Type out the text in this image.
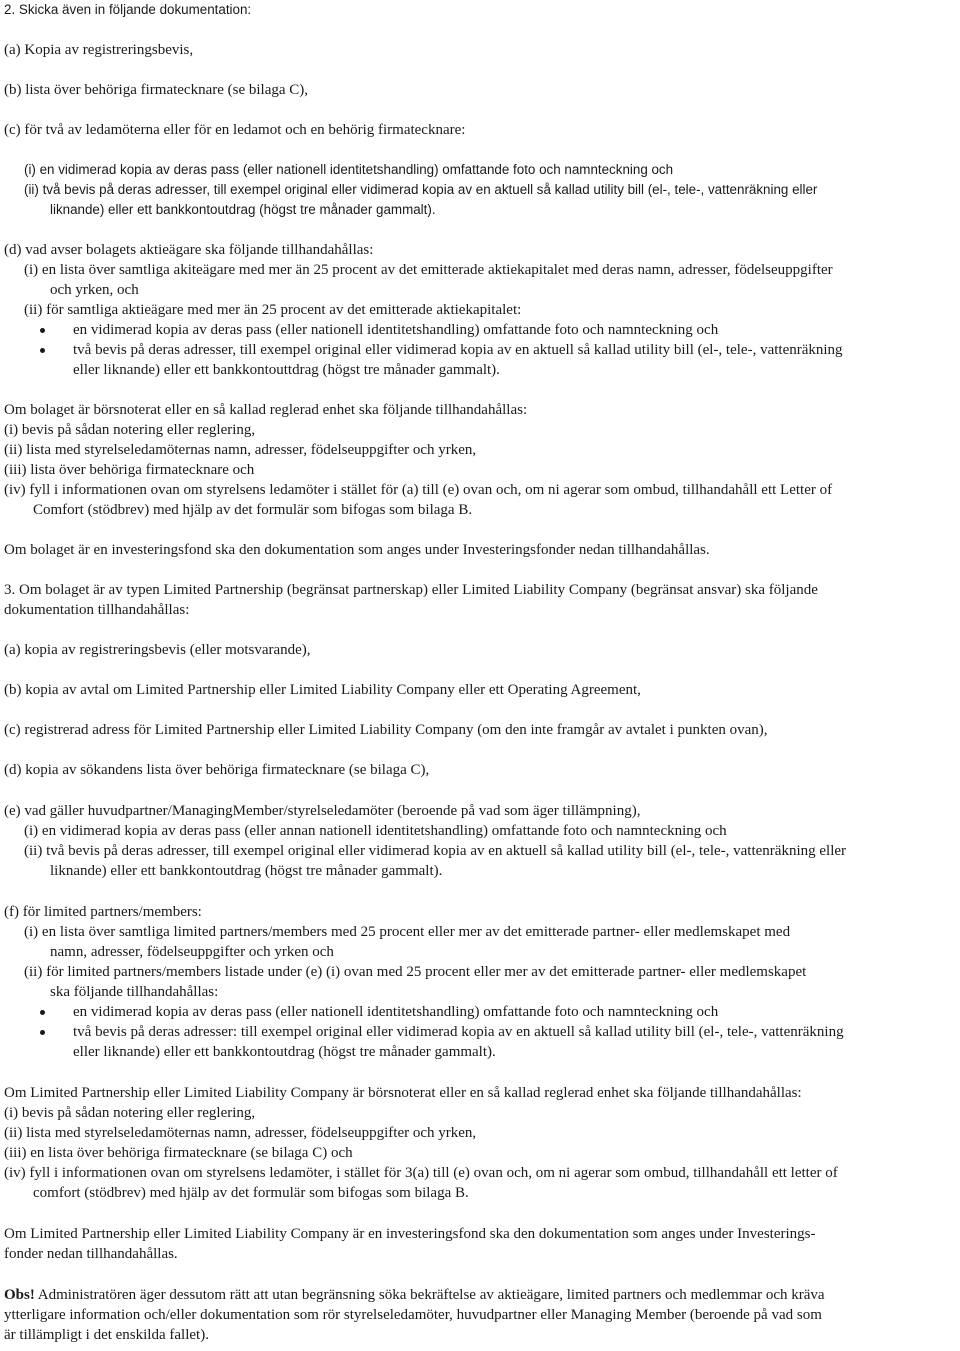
2. Skicka även in följande dokumentation:
(a) Kopia av registreringsbevis,
(b) lista över behöriga firmatecknare (se bilaga C),
(c) för två av ledamöterna eller för en ledamot och en behörig firmatecknare:
(i) en vidimerad kopia av deras pass (eller nationell identitetshandling) omfattande foto och namnteckning och
(ii) två bevis på deras adresser, till exempel original eller vidimerad kopia av en aktuell så kallad utility bill (el-, tele-, vattenräkning eller
liknande) eller ett bankkontoutdrag (högst tre månader gammalt).
(d) vad avser bolagets aktieägare ska följande tillhandahållas:
(i) en lista över samtliga akiteägare med mer än 25 procent av det emitterade aktiekapitalet med deras namn, adresser, födelseuppgifter
och yrken, och
(ii) för samtliga aktieägare med mer än 25 procent av det emitterade aktiekapitalet:
en vidimerad kopia av deras pass (eller nationell identitetshandling) omfattande foto och namnteckning och
två bevis på deras adresser, till exempel original eller vidimerad kopia av en aktuell så kallad utility bill (el-, tele-, vattenräkning
eller liknande) eller ett bankkontouttdrag (högst tre månader gammalt).
Om bolaget är börsnoterat eller en så kallad reglerad enhet ska följande tillhandahållas:
(i) bevis på sådan notering eller reglering,
(ii) lista med styrelseledamöternas namn, adresser, födelseuppgifter och yrken,
(iii) lista över behöriga firmatecknare och
(iv) fyll i informationen ovan om styrelsens ledamöter i stället för (a) till (e) ovan och, om ni agerar som ombud, tillhandahåll ett Letter of
Comfort (stödbrev) med hjälp av det formulär som bifogas som bilaga B.
Om bolaget är en investeringsfond ska den dokumentation som anges under Investeringsfonder nedan tillhandahållas.
3. Om bolaget är av typen Limited Partnership (begränsat partnerskap) eller Limited Liability Company (begränsat ansvar) ska följande
dokumentation tillhandahållas:
(a) kopia av registreringsbevis (eller motsvarande),
(b) kopia av avtal om Limited Partnership eller Limited Liability Company eller ett Operating Agreement,
(c) registrerad adress för Limited Partnership eller Limited Liability Company (om den inte framgår av avtalet i punkten ovan),
(d) kopia av sökandens lista över behöriga firmatecknare (se bilaga C),
(e) vad gäller huvudpartner/ManagingMember/styrelseledamöter (beroende på vad som äger tillämpning),
(i) en vidimerad kopia av deras pass (eller annan nationell identitetshandling) omfattande foto och namnteckning och
(ii) två bevis på deras adresser, till exempel original eller vidimerad kopia av en aktuell så kallad utility bill (el-, tele-, vattenräkning eller
liknande) eller ett bankkontoutdrag (högst tre månader gammalt).
(f) för limited partners/members:
(i) en lista över samtliga limited partners/members med 25 procent eller mer av det emitterade partner- eller medlemskapet med
namn, adresser, födelseuppgifter och yrken och
(ii) för limited partners/members listade under (e) (i) ovan med 25 procent eller mer av det emitterade partner- eller medlemskapet
ska följande tillhandahållas:
en vidimerad kopia av deras pass (eller nationell identitetshandling) omfattande foto och namnteckning och
två bevis på deras adresser: till exempel original eller vidimerad kopia av en aktuell så kallad utility bill (el-, tele-, vattenräkning
eller liknande) eller ett bankkontoutdrag (högst tre månader gammalt).
Om Limited Partnership eller Limited Liability Company är börsnoterat eller en så kallad reglerad enhet ska följande tillhandahållas:
(i) bevis på sådan notering eller reglering,
(ii) lista med styrelseledamöternas namn, adresser, födelseuppgifter och yrken,
(iii) en lista över behöriga firmatecknare (se bilaga C) och
(iv) fyll i informationen ovan om styrelsens ledamöter, i stället för 3(a) till (e) ovan och, om ni agerar som ombud, tillhandahåll ett letter of
comfort (stödbrev) med hjälp av det formulär som bifogas som bilaga B.
Om Limited Partnership eller Limited Liability Company är en investeringsfond ska den dokumentation som anges under Investerings-
fonder nedan tillhandahållas.
Obs! Administratören äger dessutom rätt att utan begränsning söka bekräftelse av aktieägare, limited partners och medlemmar och kräva
ytterligare information och/eller dokumentation som rör styrelseledamöter, huvudpartner eller Managing Member (beroende på vad som
är tillämpligt i det enskilda fallet).
